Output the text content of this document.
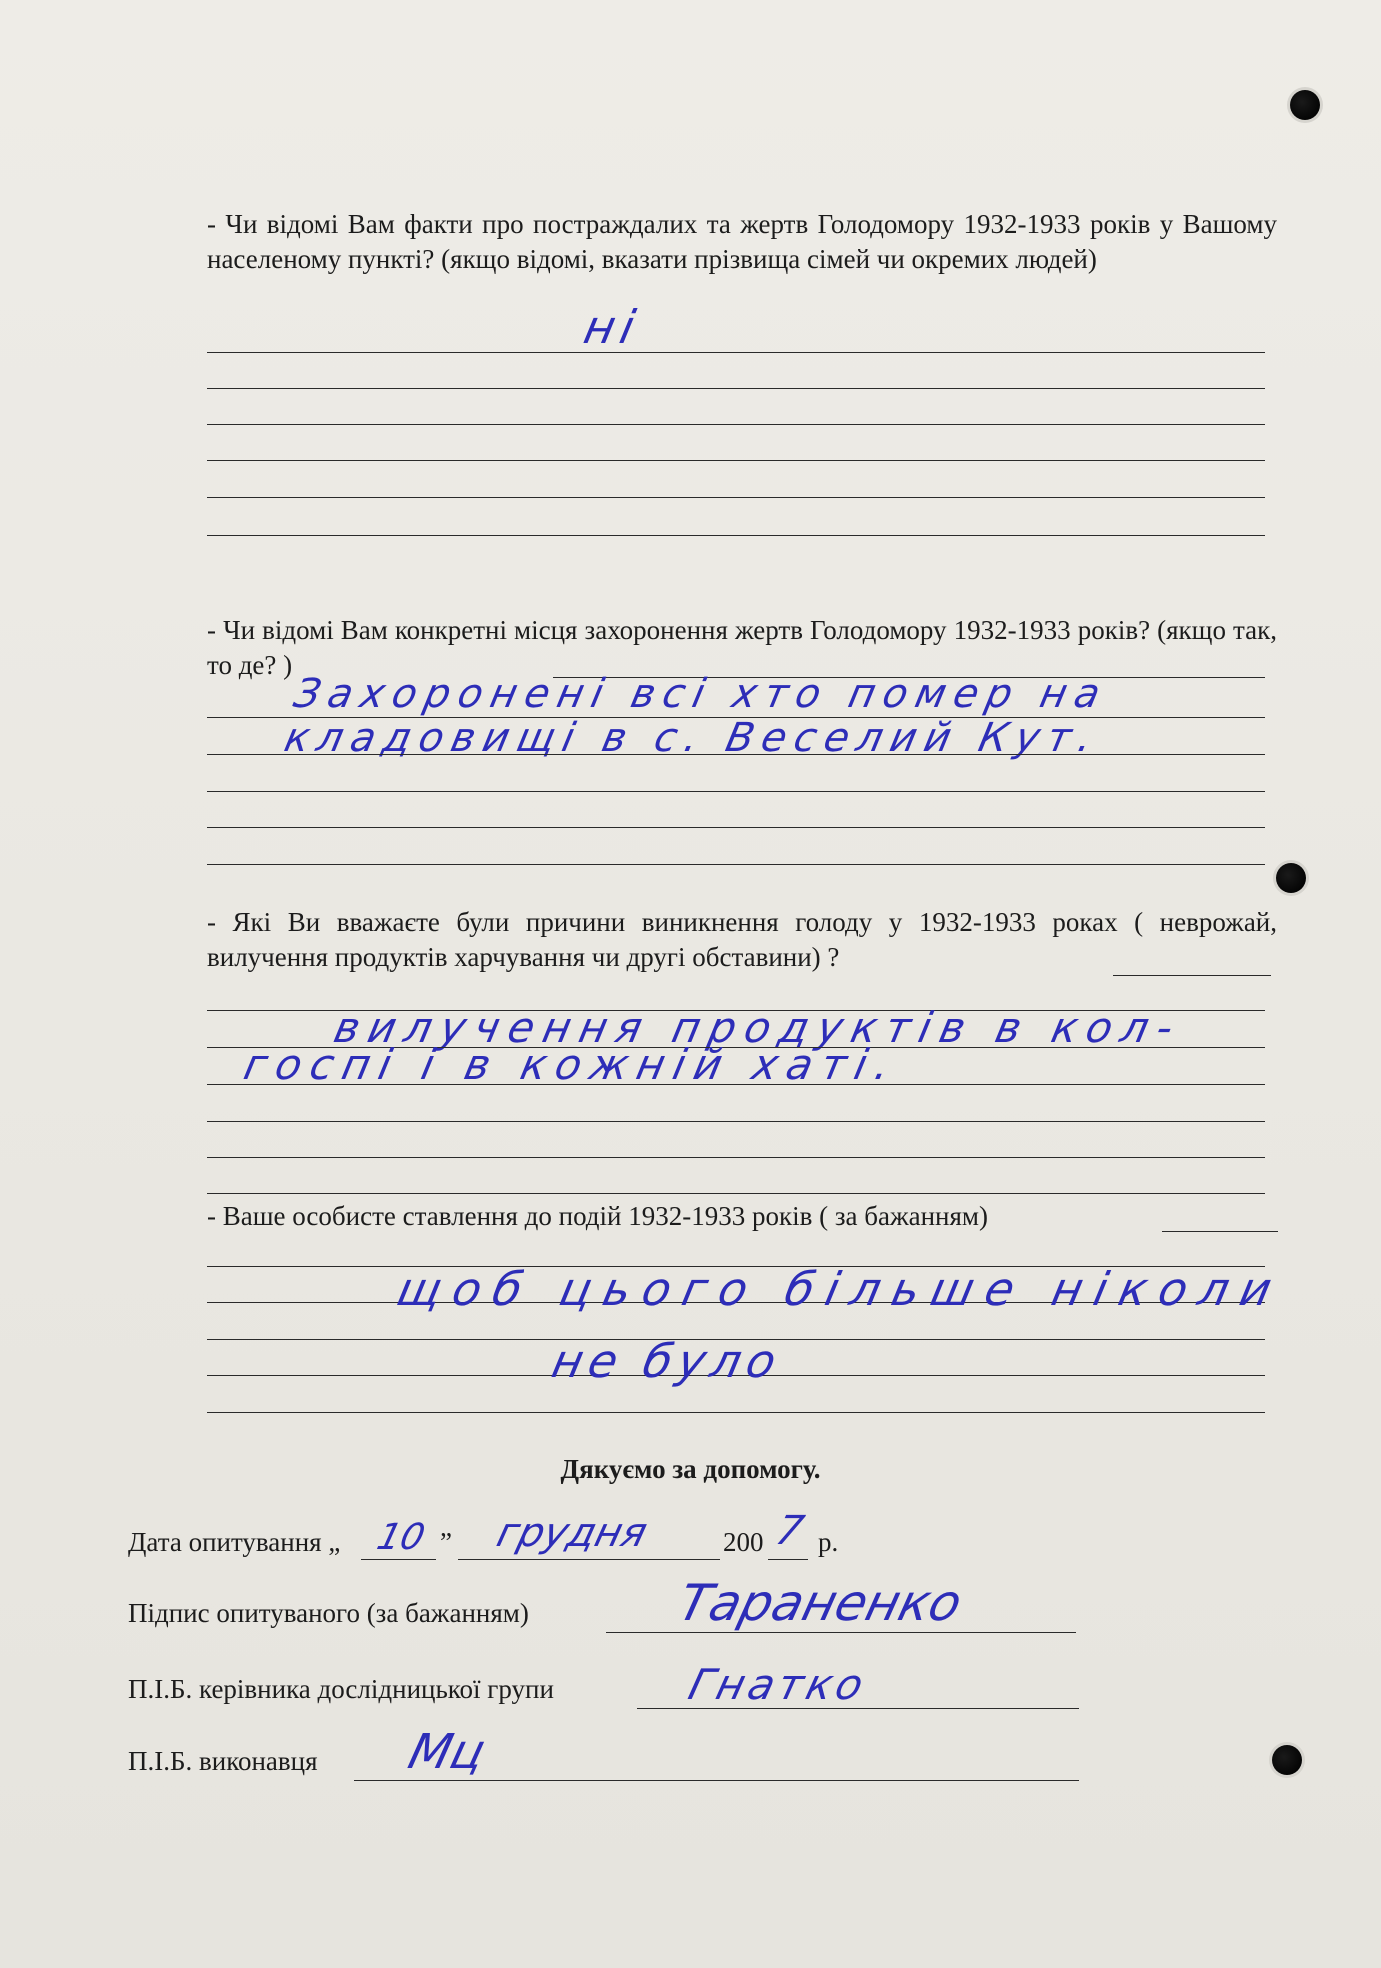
- Чи відомі Вам факти про постраждалих та жертв Голодомору 1932-1933 років у Вашому населеному пункті? (якщо відомі, вказати прізвища сімей чи окремих людей)
ні
- Чи відомі Вам конкретні місця захоронення жертв Голодомору 1932-1933 років? (якщо так, то де? )
Захоронені всі хто помер на кладовищі в с. Веселий Кут.
- Які Ви вважаєте були причини виникнення голоду у 1932-1933 роках ( неврожай, вилучення продуктів харчування чи другі обставини) ?
вилучення продуктів в кол-
госпі і в кожній хаті.
- Ваше особисте ставлення до подій 1932-1933 років ( за бажанням)
щоб цього більше ніколи
не було
Дякуємо за допомогу.
Дата опитування „ 10 ” грудня	200 7 р.
Підпис опитуваного (за бажанням)	Тараненко
П.І.Б. керівника дослідницької групи	Гнатко
П.І.Б. виконавця Мц
